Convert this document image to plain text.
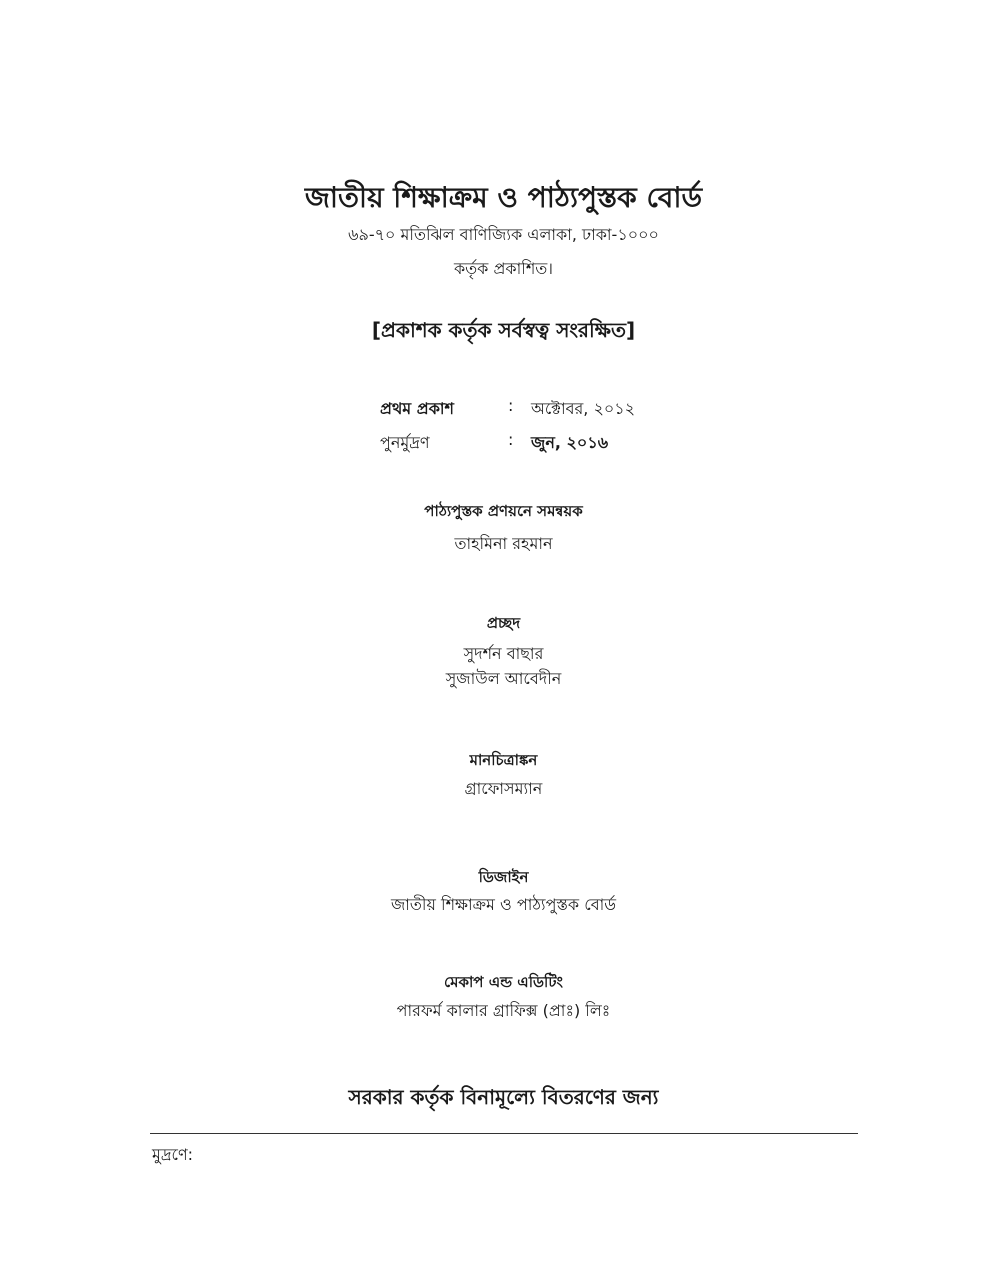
জাতীয় শিক্ষাক্রম ও পাঠ্যপুস্তক বোর্ড
৬৯-৭০ মতিঝিল বাণিজ্যিক এলাকা, ঢাকা-১০০০
কর্তৃক প্রকাশিত।
[প্রকাশক কর্তৃক সর্বস্বত্ব সংরক্ষিত]
প্রথম প্রকাশ	: অক্টোবর, ২০১২
পুনর্মুদ্রণ	: জুন, ২০১৬
পাঠ্যপুস্তক প্রণয়নে সমন্বয়ক
তাহমিনা রহমান
প্রচ্ছদ
সুদর্শন বাছার
সুজাউল আবেদীন
মানচিত্রাঙ্কন
গ্রাফোসম্যান
ডিজাইন
জাতীয় শিক্ষাক্রম ও পাঠ্যপুস্তক বোর্ড
মেকাপ এন্ড এডিটিং
পারফর্ম কালার গ্রাফিক্স (প্রাঃ) লিঃ
সরকার কর্তৃক বিনামূল্যে বিতরণের জন্য
মুদ্রণে:
